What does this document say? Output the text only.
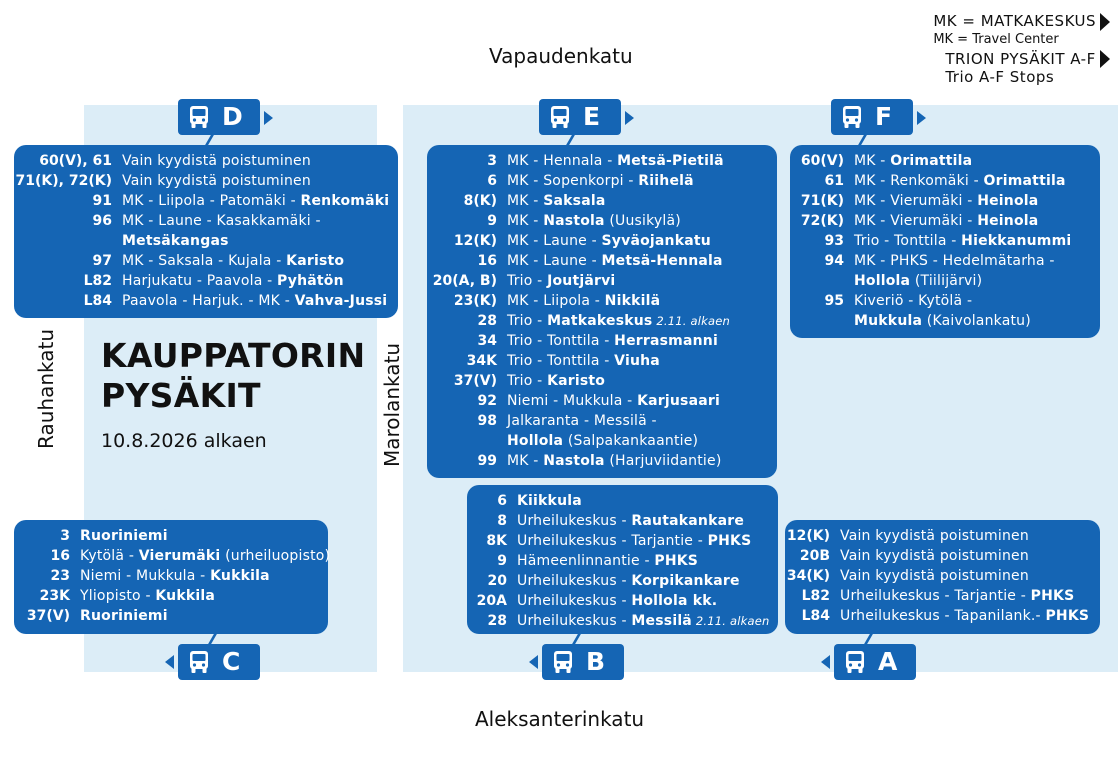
MK = MATKAKESKUS
MK = Travel Center
TRION PYSÄKIT A-F
Trio A-F Stops
Vapaudenkatu
Aleksanterinkatu
Rauhankatu	Marolankatu
KAUPPATORIN
PYSÄKIT
10.8.2026 alkaen
D	E	F
C	B	A
60(V), 61 Vain kyydistä poistuminen
71(K), 72(K) Vain kyydistä poistuminen
91 MK - Liipola - Patomäki - Renkomäki
96 MK - Laune - Kasakkamäki -
Metsäkangas
97 MK - Saksala - Kujala - Karisto
L82 Harjukatu - Paavola - Pyhätön
L84 Paavola - Harjuk. - MK - Vahva-Jussi
3 MK - Hennala - Metsä-Pietilä
6 MK - Sopenkorpi - Riihelä
8(K) MK - Saksala
9 MK - Nastola (Uusikylä)
12(K) MK - Laune - Syväojankatu
16 MK - Laune - Metsä-Hennala
20(A, B) Trio - Joutjärvi
23(K) MK - Liipola - Nikkilä
28 Trio - Matkakeskus 2.11. alkaen
34 Trio - Tonttila - Herrasmanni
34K Trio - Tonttila - Viuha
37(V) Trio - Karisto
92 Niemi - Mukkula - Karjusaari
98 Jalkaranta - Messilä -
Hollola (Salpakankaantie)
99 MK - Nastola (Harjuviidantie)
60(V) MK - Orimattila
61 MK - Renkomäki - Orimattila
71(K) MK - Vierumäki - Heinola
72(K) MK - Vierumäki - Heinola
93 Trio - Tonttila - Hiekkanummi
94 MK - PHKS - Hedelmätarha -
Hollola (Tiilijärvi)
95 Kiveriö - Kytölä -
Mukkula (Kaivolankatu)
3 Ruoriniemi
16 Kytölä - Vierumäki (urheiluopisto)
23 Niemi - Mukkula - Kukkila
23K Yliopisto - Kukkila
37(V) Ruoriniemi
6 Kiikkula
8 Urheilukeskus - Rautakankare
8K Urheilukeskus - Tarjantie - PHKS
9 Hämeenlinnantie - PHKS
20 Urheilukeskus - Korpikankare
20A Urheilukeskus - Hollola kk.
28 Urheilukeskus - Messilä 2.11. alkaen
12(K) Vain kyydistä poistuminen
20B Vain kyydistä poistuminen
34(K) Vain kyydistä poistuminen
L82 Urheilukeskus - Tarjantie - PHKS
L84 Urheilukeskus - Tapanilank.- PHKS
